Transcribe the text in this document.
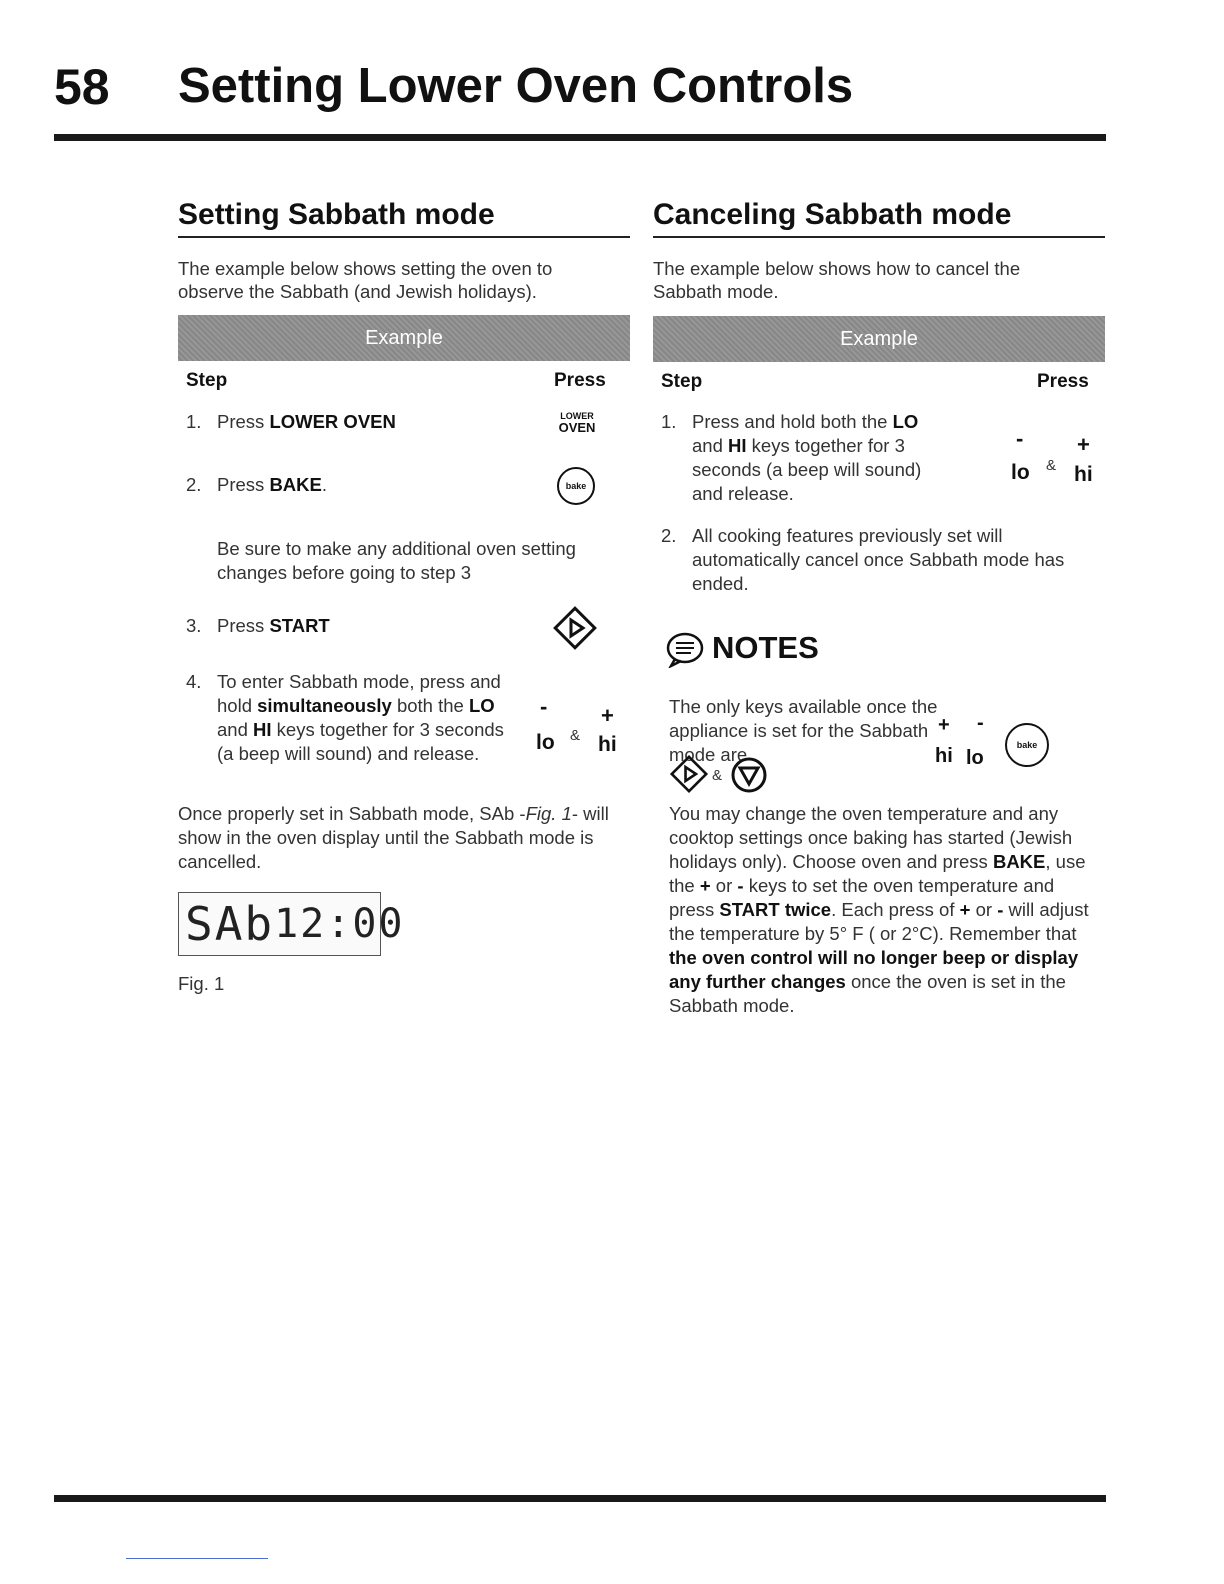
58 Setting Lower Oven Controls
Setting Sabbath mode
The example below shows setting the oven to observe the Sabbath (and Jewish holidays).
Example
Step	Press
1. Press LOWER OVEN	LOWER
OVEN
2. Press BAKE.	bake
Be sure to make any additional oven setting changes before going to step 3
3. Press START
4. To enter Sabbath mode, press and hold simultaneously both the LO and HI keys together for 3 seconds (a beep will sound) and release.
- +
lo & hi
Once properly set in Sabbath mode, SAb -Fig. 1- will show in the oven display until the Sabbath mode is cancelled.
SAb 12:00
Fig. 1
Canceling Sabbath mode
The example below shows how to cancel the Sabbath mode.
Example
Step	Press
1. Press and hold both the LO and HI keys together for 3 seconds (a beep will sound) and release.
- +
lo & hi
2. All cooking features previously set will automatically cancel once Sabbath mode has ended.
NOTES
The only keys available once the appliance is set for the Sabbath mode are
+ -
hi lo
bake
&
You may change the oven temperature and any cooktop settings once baking has started (Jewish holidays only). Choose oven and press BAKE, use the + or - keys to set the oven temperature and press START twice. Each press of + or - will adjust the temperature by 5° F ( or 2°C). Remember that the oven control will no longer beep or display any further changes once the oven is set in the Sabbath mode.
